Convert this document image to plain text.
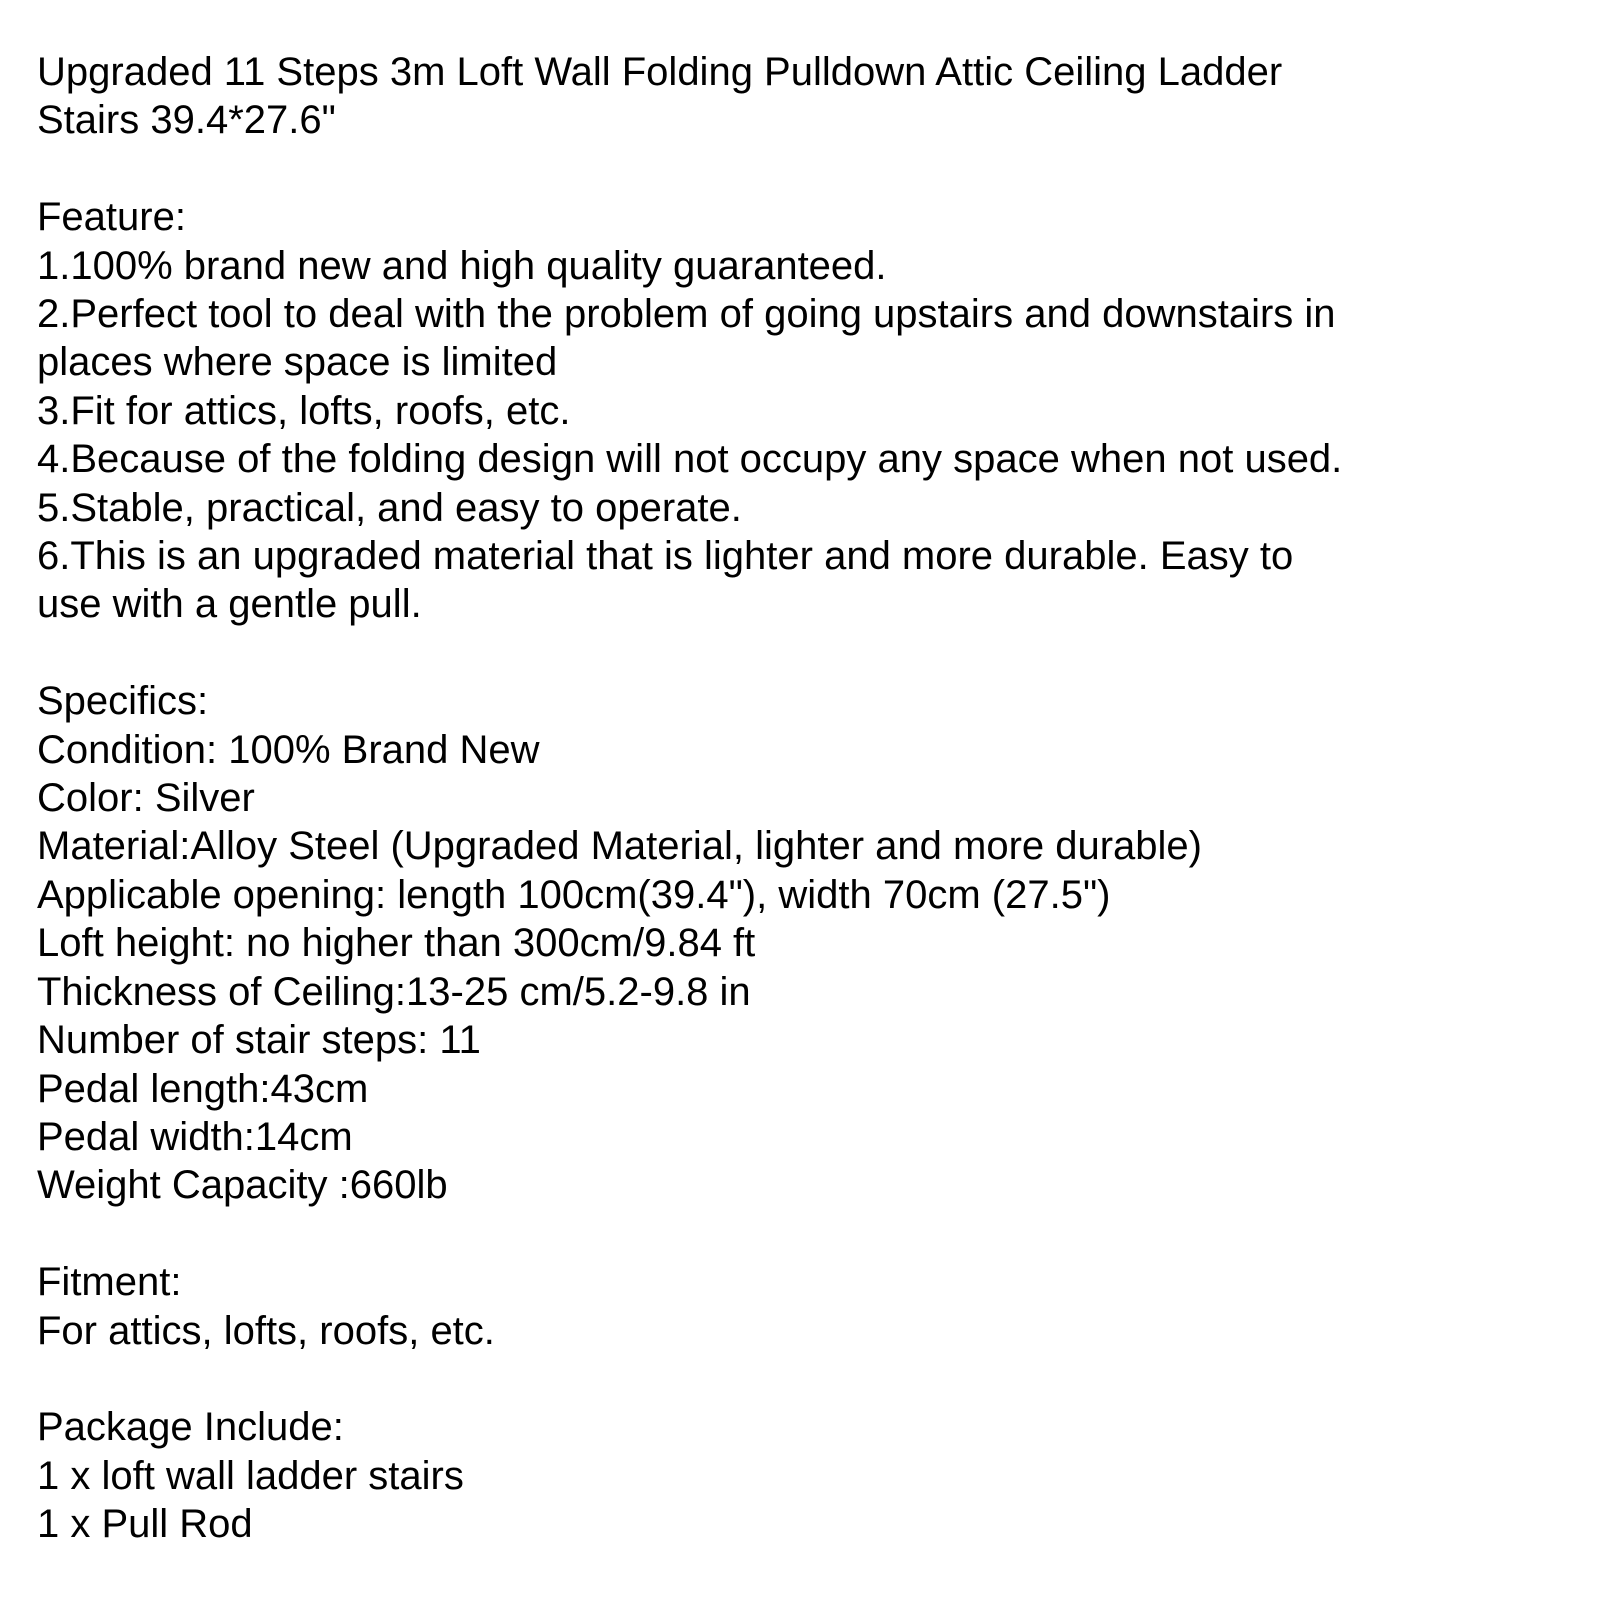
Upgraded 11 Steps 3m Loft Wall Folding Pulldown Attic Ceiling Ladder
Stairs 39.4*27.6"
Feature:
1.100% brand new and high quality guaranteed.
2.Perfect tool to deal with the problem of going upstairs and downstairs in
places where space is limited
3.Fit for attics, lofts, roofs, etc.
4.Because of the folding design will not occupy any space when not used.
5.Stable, practical, and easy to operate.
6.This is an upgraded material that is lighter and more durable. Easy to
use with a gentle pull.
Specifics:
Condition: 100% Brand New
Color: Silver
Material:Alloy Steel (Upgraded Material, lighter and more durable)
Applicable opening: length 100cm(39.4"), width 70cm (27.5")
Loft height: no higher than 300cm/9.84 ft
Thickness of Ceiling:13-25 cm/5.2-9.8 in
Number of stair steps: 11
Pedal length:43cm
Pedal width:14cm
Weight Capacity :660lb
Fitment:
For attics, lofts, roofs, etc.
Package Include:
1 x loft wall ladder stairs
1 x Pull Rod
